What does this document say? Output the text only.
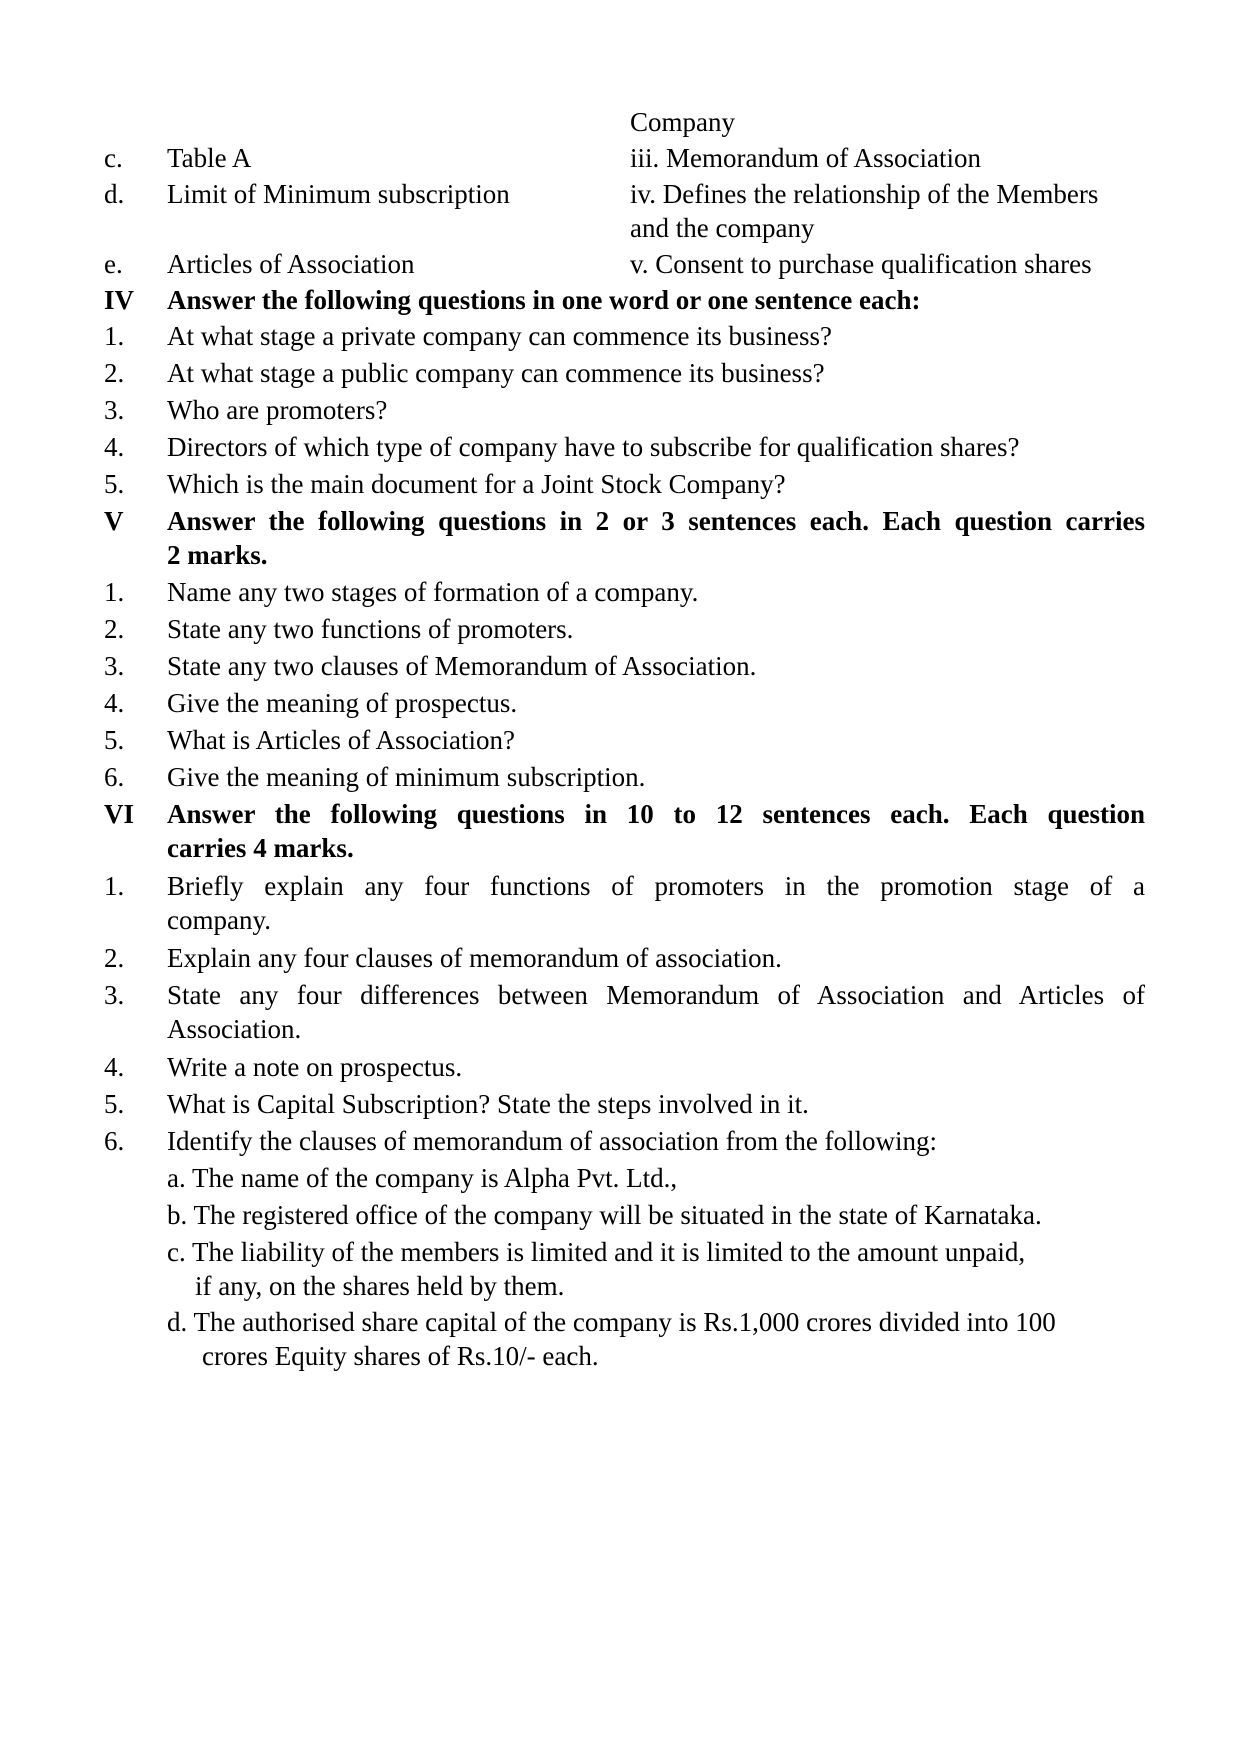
Company
c.	Table A	iii. Memorandum of Association
d.	Limit of Minimum subscription	iv. Defines the relationship of the Members
and the company
e.	Articles of Association	v. Consent to purchase qualification shares
IV	Answer the following questions in one word or one sentence each:
1.	At what stage a private company can commence its business?
2.	At what stage a public company can commence its business?
3.	Who are promoters?
4.	Directors of which type of company have to subscribe for qualification shares?
5.	Which is the main document for a Joint Stock Company?
V	Answer the following questions in 2 or 3 sentences each. Each question carries
2 marks.
1.	Name any two stages of formation of a company.
2.	State any two functions of promoters.
3.	State any two clauses of Memorandum of Association.
4.	Give the meaning of prospectus.
5.	What is Articles of Association?
6.	Give the meaning of minimum subscription.
VI	Answer the following questions in 10 to 12 sentences each. Each question
carries 4 marks.
1.	Briefly explain any four functions of promoters in the promotion stage of a
company.
2.	Explain any four clauses of memorandum of association.
3.	State any four differences between Memorandum of Association and Articles of
Association.
4.	Write a note on prospectus.
5.	What is Capital Subscription? State the steps involved in it.
6.	Identify the clauses of memorandum of association from the following:
a. The name of the company is Alpha Pvt. Ltd.,
b. The registered office of the company will be situated in the state of Karnataka.
c. The liability of the members is limited and it is limited to the amount unpaid,
if any, on the shares held by them.
d. The authorised share capital of the company is Rs.1,000 crores divided into 100
crores Equity shares of Rs.10/- each.
